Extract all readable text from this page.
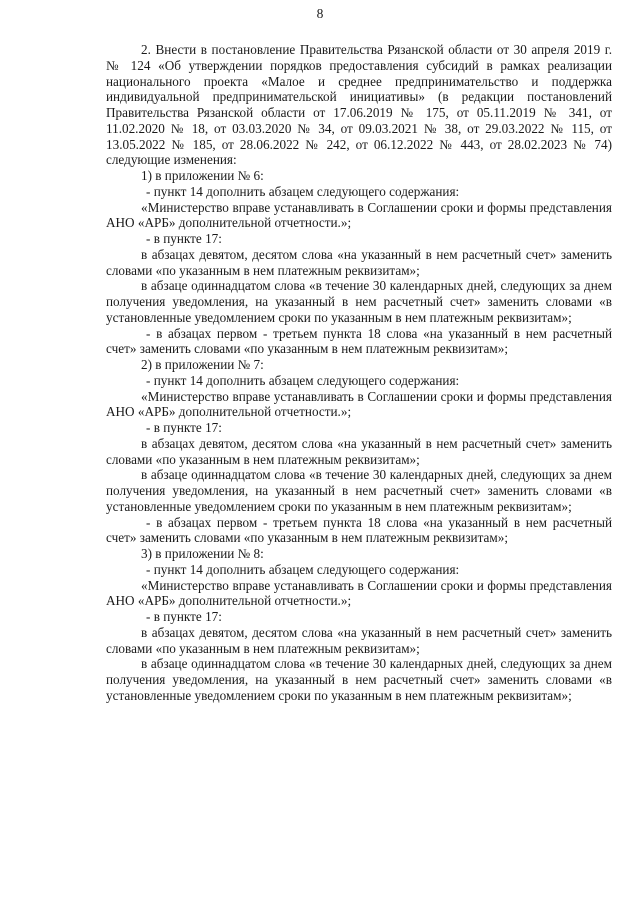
8

2. Внести в постановление Правительства Рязанской области от 30 апреля 2019 г. № 124 «Об утверждении порядков предоставления субсидий в рамках реализации национального проекта «Малое и среднее предпринимательство и поддержка индивидуальной предпринимательской инициативы» (в редакции постановлений Правительства Рязанской области от 17.06.2019 № 175, от 05.11.2019 № 341, от 11.02.2020 № 18, от 03.03.2020 № 34, от 09.03.2021 № 38, от 29.03.2022 № 115, от 13.05.2022 № 185, от 28.06.2022 № 242, от 06.12.2022 № 443, от 28.02.2023 № 74) следующие изменения:

1) в приложении № 6:

- пункт 14 дополнить абзацем следующего содержания:

«Министерство вправе устанавливать в Соглашении сроки и формы представления АНО «АРБ» дополнительной отчетности.»;

- в пункте 17:

в абзацах девятом, десятом слова «на указанный в нем расчетный счет» заменить словами «по указанным в нем платежным реквизитам»;

в абзаце одиннадцатом слова «в течение 30 календарных дней, следующих за днем получения уведомления, на указанный в нем расчетный счет» заменить словами «в установленные уведомлением сроки по указанным в нем платежным реквизитам»;

- в абзацах первом - третьем пункта 18 слова «на указанный в нем расчетный счет» заменить словами «по указанным в нем платежным реквизитам»;

2) в приложении № 7:

- пункт 14 дополнить абзацем следующего содержания:

«Министерство вправе устанавливать в Соглашении сроки и формы представления АНО «АРБ» дополнительной отчетности.»;

- в пункте 17:

в абзацах девятом, десятом слова «на указанный в нем расчетный счет» заменить словами «по указанным в нем платежным реквизитам»;

в абзаце одиннадцатом слова «в течение 30 календарных дней, следующих за днем получения уведомления, на указанный в нем расчетный счет» заменить словами «в установленные уведомлением сроки по указанным в нем платежным реквизитам»;

- в абзацах первом - третьем пункта 18 слова «на указанный в нем расчетный счет» заменить словами «по указанным в нем платежным реквизитам»;

3) в приложении № 8:

- пункт 14 дополнить абзацем следующего содержания:

«Министерство вправе устанавливать в Соглашении сроки и формы представления АНО «АРБ» дополнительной отчетности.»;

- в пункте 17:

в абзацах девятом, десятом слова «на указанный в нем расчетный счет» заменить словами «по указанным в нем платежным реквизитам»;

в абзаце одиннадцатом слова «в течение 30 календарных дней, следующих за днем получения уведомления, на указанный в нем расчетный счет» заменить словами «в установленные уведомлением сроки по указанным в нем платежным реквизитам»;
